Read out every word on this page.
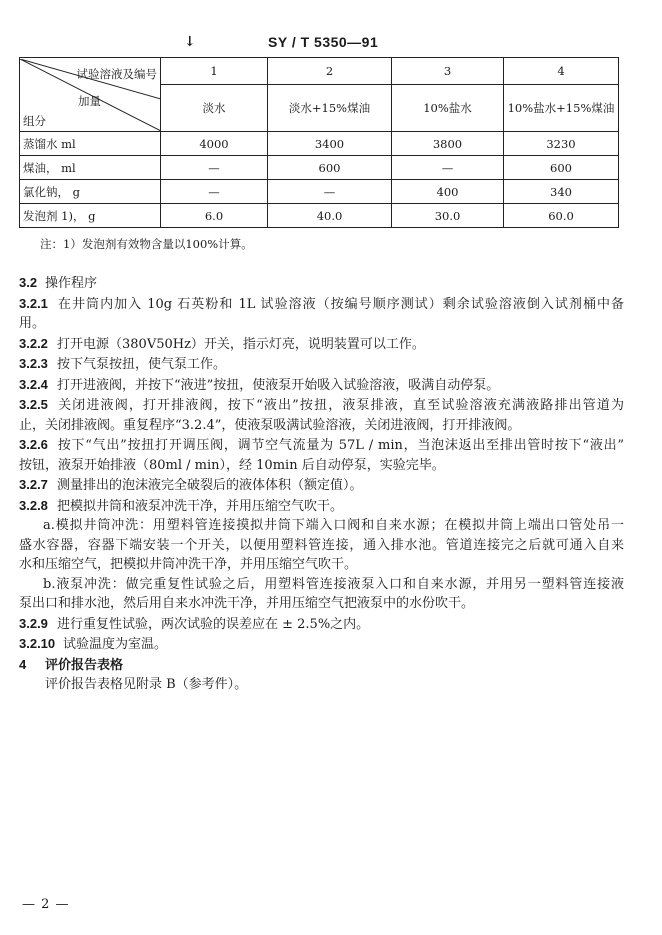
↓	SY / T 5350—91
试验溶液及编号
加量
组分	1	2	3	4
	淡水	淡水+15%煤油	10%盐水	10%盐水+15%煤油
蒸馏水 ml	4000	3400	3800	3230
煤油， ml	—	600	—	600
氯化钠， g	—	—	400	340
发泡剂 1)， g	6.0	40.0	30.0	60.0
注：1）发泡剂有效物含量以100%计算。

3.2 操作程序

3.2.1 在井筒内加入 10g 石英粉和 1L 试验溶液（按编号顺序测试）剩余试验溶液倒入试剂桶中备

用。

3.2.2 打开电源（380V50Hz）开关，指示灯亮，说明装置可以工作。

3.2.3 按下气泵按扭，使气泵工作。

3.2.4 打开进液阀，并按下“液进”按扭，使液泵开始吸入试验溶液，吸满自动停泵。

3.2.5 关闭进液阀，打开排液阀，按下“液出”按扭，液泵排液，直至试验溶液充满液路排出管道为

止，关闭排液阀。重复程序“3.2.4”，使液泵吸满试验溶液，关闭进液阀，打开排液阀。

3.2.6 按下“气出”按扭打开调压阀，调节空气流量为 57L / min，当泡沫返出至排出管时按下“液出”

按钮，液泵开始排液（80ml / min），经 10min 后自动停泵，实验完毕。

3.2.7 测量排出的泡沫液完全破裂后的液体体积（额定值）。

3.2.8 把模拟井筒和液泵冲洗干净，并用压缩空气吹干。

a.模拟井筒冲洗：用塑料管连接摸拟井筒下端入口阀和自来水源；在模拟井筒上端出口管处吊一

盛水容器，容器下端安装一个开关，以便用塑料管连接，通入排水池。管道连接完之后就可通入自来

水和压缩空气，把模拟井筒冲洗干净，并用压缩空气吹干。

b.液泵冲洗：做完重复性试验之后，用塑料管连接液泵入口和自来水源，并用另一塑料管连接液

泵出口和排水池，然后用自来水冲洗干净，并用压缩空气把液泵中的水份吹干。

3.2.9 进行重复性试验，两次试验的误差应在 ± 2.5%之内。

3.2.10 试验温度为室温。

4 评价报告表格

评价报告表格见附录 B（参考件）。

— 2 —
